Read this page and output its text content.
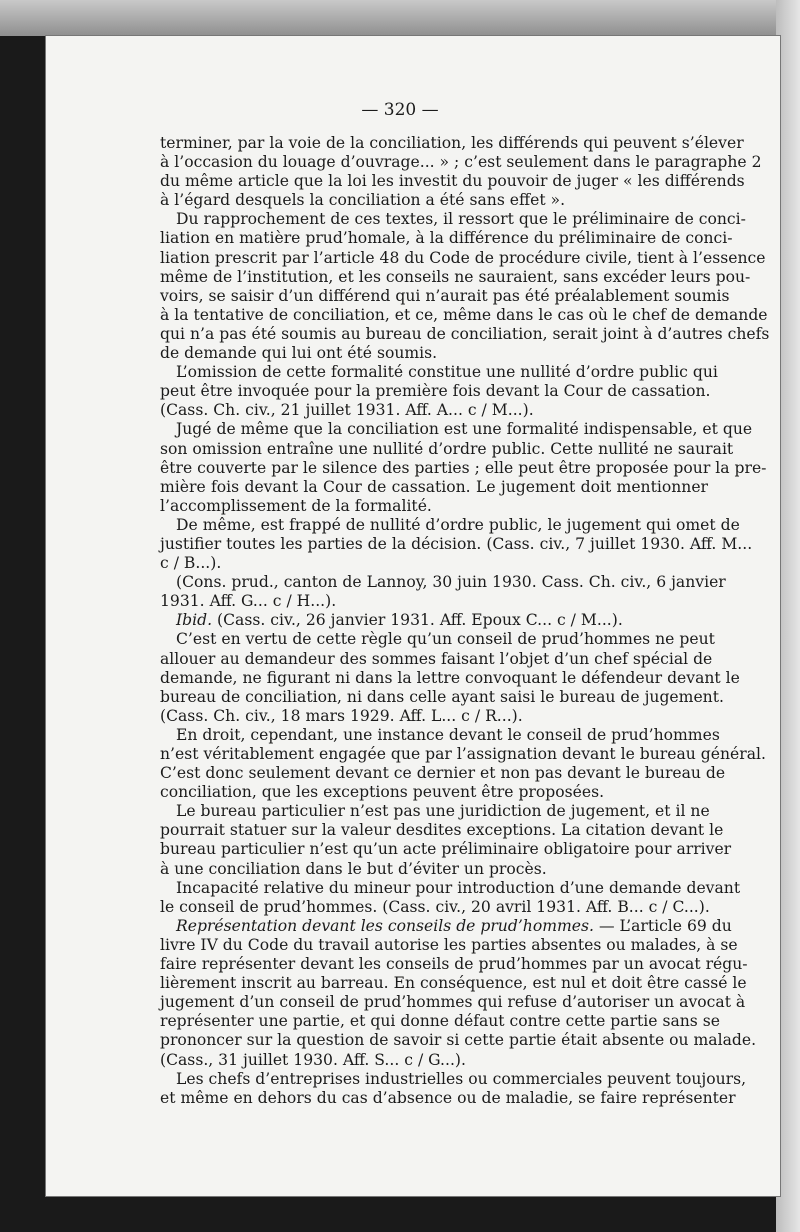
— 320 —
terminer, par la voie de la conciliation, les différends qui peuvent s’élever
à l’occasion du louage d’ouvrage... » ; c’est seulement dans le paragraphe 2
du même article que la loi les investit du pouvoir de juger « les différends
à l’égard desquels la conciliation a été sans effet ».
Du rapprochement de ces textes, il ressort que le préliminaire de conci-
liation en matière prud’homale, à la différence du préliminaire de conci-
liation prescrit par l’article 48 du Code de procédure civile, tient à l’essence
même de l’institution, et les conseils ne sauraient, sans excéder leurs pou-
voirs, se saisir d’un différend qui n’aurait pas été préalablement soumis
à la tentative de conciliation, et ce, même dans le cas où le chef de demande
qui n’a pas été soumis au bureau de conciliation, serait joint à d’autres chefs
de demande qui lui ont été soumis.
L’omission de cette formalité constitue une nullité d’ordre public qui
peut être invoquée pour la première fois devant la Cour de cassation.
(Cass. Ch. civ., 21 juillet 1931. Aff. A... c / M...).
Jugé de même que la conciliation est une formalité indispensable, et que
son omission entraîne une nullité d’ordre public. Cette nullité ne saurait
être couverte par le silence des parties ; elle peut être proposée pour la pre-
mière fois devant la Cour de cassation. Le jugement doit mentionner
l’accomplissement de la formalité.
De même, est frappé de nullité d’ordre public, le jugement qui omet de
justifier toutes les parties de la décision. (Cass. civ., 7 juillet 1930. Aff. M...
c / B...).
(Cons. prud., canton de Lannoy, 30 juin 1930. Cass. Ch. civ., 6 janvier
1931. Aff. G... c / H...).
Ibid. (Cass. civ., 26 janvier 1931. Aff. Epoux C... c / M...).
C’est en vertu de cette règle qu’un conseil de prud’hommes ne peut
allouer au demandeur des sommes faisant l’objet d’un chef spécial de
demande, ne figurant ni dans la lettre convoquant le défendeur devant le
bureau de conciliation, ni dans celle ayant saisi le bureau de jugement.
(Cass. Ch. civ., 18 mars 1929. Aff. L... c / R...).
En droit, cependant, une instance devant le conseil de prud’hommes
n’est véritablement engagée que par l’assignation devant le bureau général.
C’est donc seulement devant ce dernier et non pas devant le bureau de
conciliation, que les exceptions peuvent être proposées.
Le bureau particulier n’est pas une juridiction de jugement, et il ne
pourrait statuer sur la valeur desdites exceptions. La citation devant le
bureau particulier n’est qu’un acte préliminaire obligatoire pour arriver
à une conciliation dans le but d’éviter un procès.
Incapacité relative du mineur pour introduction d’une demande devant
le conseil de prud’hommes. (Cass. civ., 20 avril 1931. Aff. B... c / C...).
Représentation devant les conseils de prud’hommes. — L’article 69 du
livre IV du Code du travail autorise les parties absentes ou malades, à se
faire représenter devant les conseils de prud’hommes par un avocat régu-
lièrement inscrit au barreau. En conséquence, est nul et doit être cassé le
jugement d’un conseil de prud’hommes qui refuse d’autoriser un avocat à
représenter une partie, et qui donne défaut contre cette partie sans se
prononcer sur la question de savoir si cette partie était absente ou malade.
(Cass., 31 juillet 1930. Aff. S... c / G...).
Les chefs d’entreprises industrielles ou commerciales peuvent toujours,
et même en dehors du cas d’absence ou de maladie, se faire représenter
